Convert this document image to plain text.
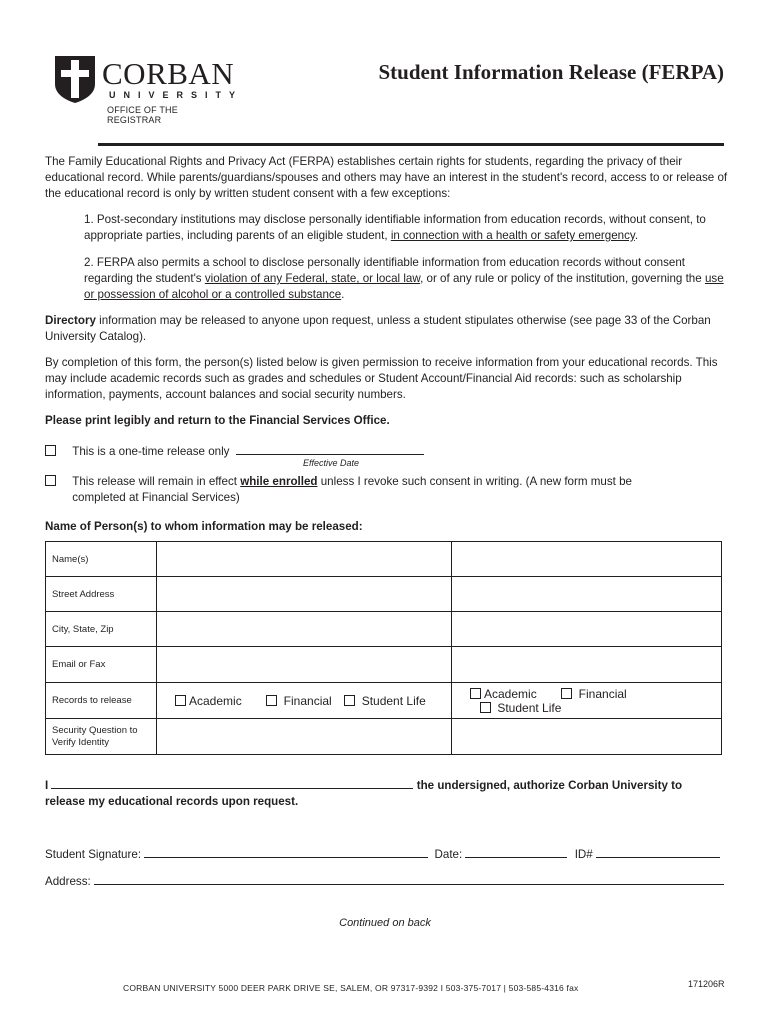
CORBAN
UNIVERSITY
OFFICE OF THE REGISTRAR
Student Information Release (FERPA)

The Family Educational Rights and Privacy Act (FERPA) establishes certain rights for students, regarding the privacy of their educational record. While parents/guardians/spouses and others may have an interest in the student's record, access to or release of the educational record is only by written student consent with a few exceptions:

1. Post-secondary institutions may disclose personally identifiable information from education records, without consent, to appropriate parties, including parents of an eligible student, in connection with a health or safety emergency.

2. FERPA also permits a school to disclose personally identifiable information from education records without consent regarding the student's violation of any Federal, state, or local law, or of any rule or policy of the institution, governing the use or possession of alcohol or a controlled substance.

Directory information may be released to anyone upon request, unless a student stipulates otherwise (see page 33 of the Corban University Catalog).

By completion of this form, the person(s) listed below is given permission to receive information from your educational records. This may include academic records such as grades and schedules or Student Account/Financial Aid records: such as scholarship information, payments, account balances and social security numbers.

Please print legibly and return to the Financial Services Office.

This is a one-time release only
Effective Date
This release will remain in effect while enrolled unless I revoke such consent in writing. (A new form must be completed at Financial Services)

Name of Person(s) to whom information may be released:

Name(s)		
Street Address		
City, State, Zip		
Email or Fax		
Records to release	Academic Financial Student Life	Academic Financial  Student Life
Security Question to Verify Identity		
I	the undersigned, authorize Corban University to

release my educational records upon request.

Student Signature:	Date:	ID#
Address:
Continued on back
CORBAN UNIVERSITY 5000 DEER PARK DRIVE SE, SALEM, OR 97317-9392 I 503-375-7017 | 503-585-4316 fax	171206R
